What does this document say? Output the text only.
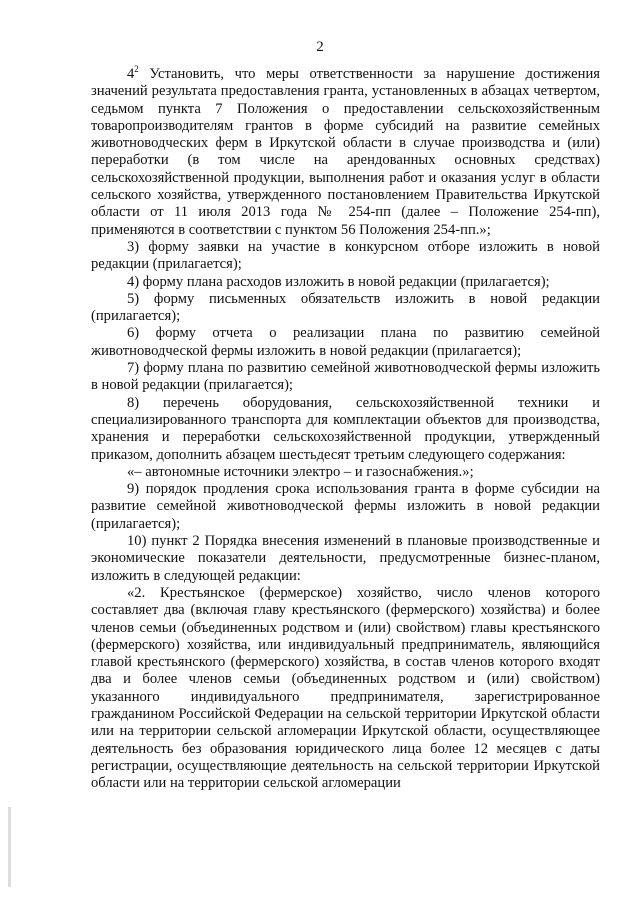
2

$4^2$ Установить, что меры ответственности за нарушение достижения значений результата предоставления гранта, установленных в абзацах четвертом, седьмом пункта 7 Положения о предоставлении сельскохозяйственным товаропроизводителям грантов в форме субсидий на развитие семейных животноводческих ферм в Иркутской области в случае производства и (или) переработки (в том числе на арендованных основных средствах) сельскохозяйственной продукции, выполнения работ и оказания услуг в области сельского хозяйства, утвержденного постановлением Правительства Иркутской области от 11 июля 2013 года № 254-пп (далее – Положение 254-пп), применяются в соответствии с пунктом 56 Положения 254-пп.»;

3) форму заявки на участие в конкурсном отборе изложить в новой редакции (прилагается);

4) форму плана расходов изложить в новой редакции (прилагается);

5) форму письменных обязательств изложить в новой редакции (прилагается);

6) форму отчета о реализации плана по развитию семейной животноводческой фермы изложить в новой редакции (прилагается);

7) форму плана по развитию семейной животноводческой фермы изложить в новой редакции (прилагается);

8) перечень оборудования, сельскохозяйственной техники и специализированного транспорта для комплектации объектов для производства, хранения и переработки сельскохозяйственной продукции, утвержденный приказом, дополнить абзацем шестьдесят третьим следующего содержания:

«– автономные источники электро – и газоснабжения.»;

9) порядок продления срока использования гранта в форме субсидии на развитие семейной животноводческой фермы изложить в новой редакции (прилагается);

10) пункт 2 Порядка внесения изменений в плановые производственные и экономические показатели деятельности, предусмотренные бизнес-планом, изложить в следующей редакции:

«2. Крестьянское (фермерское) хозяйство, число членов которого составляет два (включая главу крестьянского (фермерского) хозяйства) и более членов семьи (объединенных родством и (или) свойством) главы крестьянского (фермерского) хозяйства, или индивидуальный предприниматель, являющийся главой крестьянского (фермерского) хозяйства, в состав членов которого входят два и более членов семьи (объединенных родством и (или) свойством) указанного индивидуального предпринимателя, зарегистрированное гражданином Российской Федерации на сельской территории Иркутской области или на территории сельской агломерации Иркутской области, осуществляющее деятельность без образования юридического лица более 12 месяцев с даты регистрации, осуществляющие деятельность на сельской территории Иркутской области или на территории сельской агломерации
